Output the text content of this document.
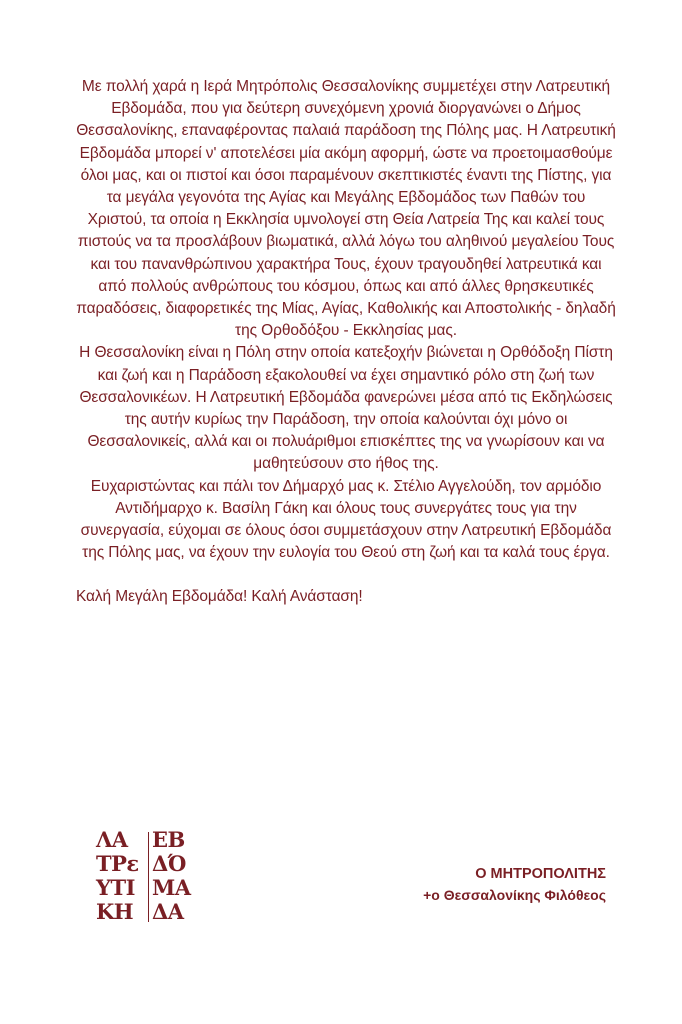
Με πολλή χαρά η Ιερά Μητρόπολις Θεσσαλονίκης συμμετέχει στην Λατρευτική Εβδομάδα, που για δεύτερη συνεχόμενη χρονιά διοργανώνει ο Δήμος Θεσσαλονίκης, επαναφέροντας παλαιά παράδοση της Πόλης μας. Η Λατρευτική Εβδομάδα μπορεί ν' αποτελέσει μία ακόμη αφορμή, ώστε να προετοιμασθούμε όλοι μας, και οι πιστοί και όσοι παραμένουν σκεπτικιστές έναντι της Πίστης, για τα μεγάλα γεγονότα της Αγίας και Μεγάλης Εβδομάδος των Παθών του Χριστού, τα οποία η Εκκλησία υμνολογεί στη Θεία Λατρεία Της και καλεί τους πιστούς να τα προσλάβουν βιωματικά, αλλά λόγω του αληθινού μεγαλείου Τους και του πανανθρώπινου χαρακτήρα Τους, έχουν τραγουδηθεί λατρευτικά και από πολλούς ανθρώπους του κόσμου, όπως και από άλλες θρησκευτικές παραδόσεις, διαφορετικές της Μίας, Αγίας, Καθολικής και Αποστολικής - δηλαδή της Ορθοδόξου - Εκκλησίας μας.

Η Θεσσαλονίκη είναι η Πόλη στην οποία κατεξοχήν βιώνεται η Ορθόδοξη Πίστη και ζωή και η Παράδοση εξακολουθεί να έχει σημαντικό ρόλο στη ζωή των Θεσσαλονικέων. Η Λατρευτική Εβδομάδα φανερώνει μέσα από τις Εκδηλώσεις της αυτήν κυρίως την Παράδοση, την οποία καλούνται όχι μόνο οι Θεσσαλονικείς, αλλά και οι πολυάριθμοι επισκέπτες της να γνωρίσουν και να μαθητεύσουν στο ήθος της.

Ευχαριστώντας και πάλι τον Δήμαρχό μας κ. Στέλιο Αγγελούδη, τον αρμόδιο Αντιδήμαρχο κ. Βασίλη Γάκη και όλους τους συνεργάτες τους για την συνεργασία, εύχομαι σε όλους όσοι συμμετάσχουν στην Λατρευτική Εβδομάδα της Πόλης μας, να έχουν την ευλογία του Θεού στη ζωή και τα καλά τους έργα.

Καλή Μεγάλη Εβδομάδα! Καλή Ανάσταση!

ΛΑ
ΤΡε
ΥΤΙ
ΚΗ
ΕΒ
ΔΌ
ΜΑ
ΔΑ
Ο ΜΗΤΡΟΠΟΛΙΤΗΣ
+ο Θεσσαλονίκης Φιλόθεος
